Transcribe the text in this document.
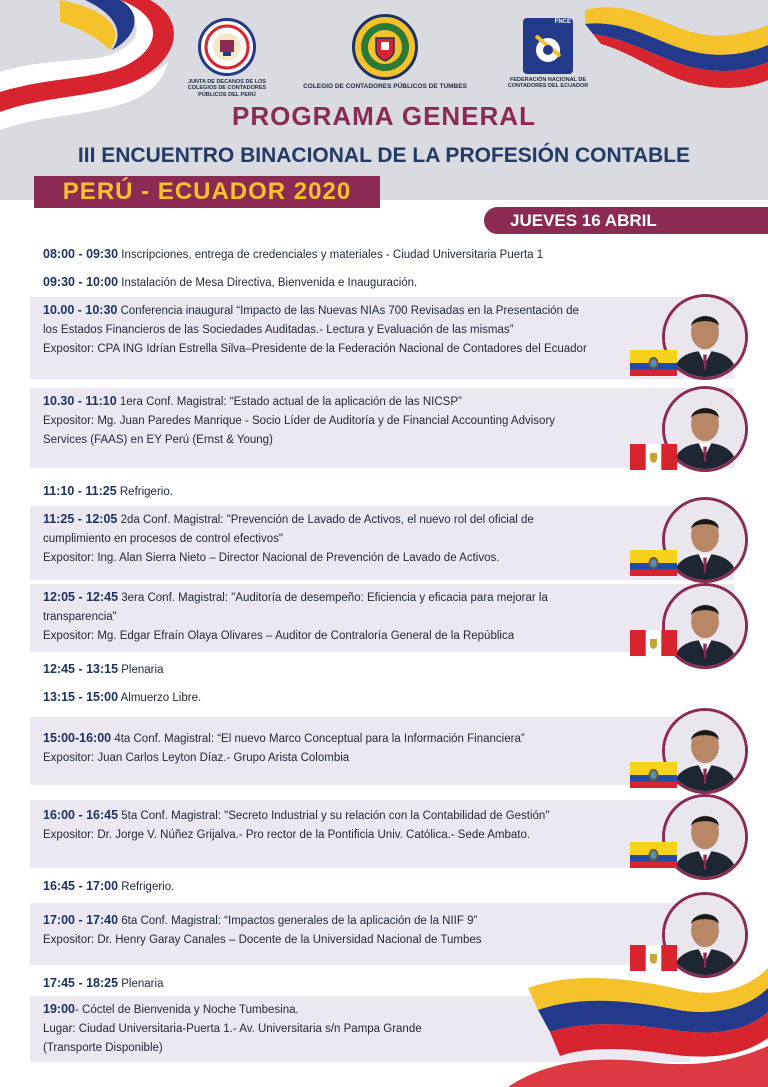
JUNTA DE DECANOS DE LOS COLEGIOS DE CONTADORES PÚBLICOS DEL PERÚ
COLEGIO DE CONTADORES PÚBLICOS DE TUMBES
FNCE
FEDERACIÓN NACIONAL DE CONTADORES DEL ECUADOR
PROGRAMA GENERAL
III ENCUENTRO BINACIONAL DE LA PROFESIÓN CONTABLE
PERÚ - ECUADOR 2020
JUEVES 16 ABRIL
08:00 - 09:30 Inscripciones, entrega de credenciales y materiales - Ciudad Universitaria Puerta 1
09:30 - 10:00 Instalación de Mesa Directiva, Bienvenida e Inauguración.
10.00 - 10:30 Conferencia inaugural “Impacto de las Nuevas NIAs 700 Revisadas en la Presentación de
los Estados Financieros de las Sociedades Auditadas.- Lectura y Evaluación de las mismas”
Expositor: CPA ING Idrían Estrella Silva–Presidente de la Federación Nacional de Contadores del Ecuador
10.30 - 11:10 1era Conf. Magistral: “Estado actual de la aplicación de las NICSP”
Expositor: Mg. Juan Paredes Manrique - Socio Líder de Auditoría y de Financial Accounting Advisory
Services (FAAS) en EY Perú (Ernst & Young)
11:10 - 11:25 Refrigerio.
11:25 - 12:05 2da Conf. Magistral: "Prevención de Lavado de Activos, el nuevo rol del oficial de
cumplimiento en procesos de control efectivos"
Expositor: Ing. Alan Sierra Nieto – Director Nacional de Prevención de Lavado de Activos.
12:05 - 12:45 3era Conf. Magistral: "Auditoría de desempeño: Eficiencia y eficacia para mejorar la
transparencia"
Expositor: Mg. Edgar Efraín Olaya Olivares – Auditor de Contraloría General de la República
12:45 - 13:15 Plenaria
13:15 - 15:00 Almuerzo Libre.
15:00-16:00 4ta Conf. Magistral: “El nuevo Marco Conceptual para la Información Financiera”
Expositor: Juan Carlos Leyton Díaz.- Grupo Arista Colombia
16:00 - 16:45 5ta Conf. Magistral: "Secreto Industrial y su relación con la Contabilidad de Gestión"
Expositor: Dr. Jorge V. Núñez Grijalva.- Pro rector de la Pontificia Univ. Católica.- Sede Ambato.
16:45 - 17:00 Refrigerio.
17:00 - 17:40 6ta Conf. Magistral: “Impactos generales de la aplicación de la NIIF 9”
Expositor: Dr. Henry Garay Canales – Docente de la Universidad Nacional de Tumbes
17:45 - 18:25 Plenaria
19:00- Cóctel de Bienvenida y Noche Tumbesina.
Lugar: Ciudad Universitaria-Puerta 1.- Av. Universitaria s/n Pampa Grande
(Transporte Disponible)
